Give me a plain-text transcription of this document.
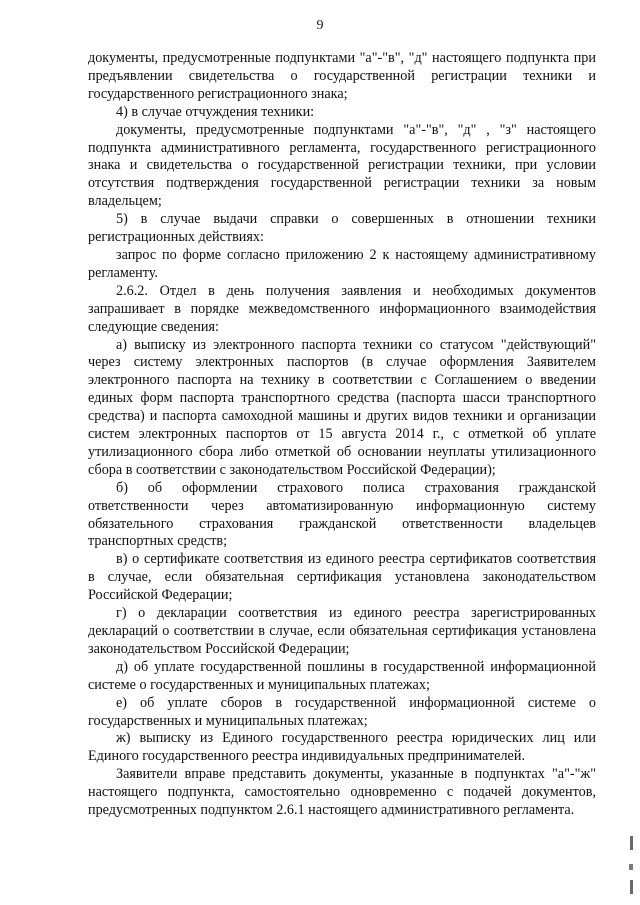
9

документы, предусмотренные подпунктами "а"-"в", "д" настоящего подпункта при предъявлении свидетельства о государственной регистрации техники и государственного регистрационного знака;

4) в случае отчуждения техники:

документы, предусмотренные подпунктами "а"-"в", "д" , "з" настоящего подпункта административного регламента, государственного регистрационного знака и свидетельства о государственной регистрации техники, при условии отсутствия подтверждения государственной регистрации техники за новым владельцем;

5) в случае выдачи справки о совершенных в отношении техники регистрационных действиях:

запрос по форме согласно приложению 2 к настоящему административному регламенту.

2.6.2. Отдел в день получения заявления и необходимых документов запрашивает в порядке межведомственного информационного взаимодействия следующие сведения:

а) выписку из электронного паспорта техники со статусом "действующий" через систему электронных паспортов (в случае оформления Заявителем электронного паспорта на технику в соответствии с Соглашением о введении единых форм паспорта транспортного средства (паспорта шасси транспортного средства) и паспорта самоходной машины и других видов техники и организации систем электронных паспортов от 15 августа 2014 г., с отметкой об уплате утилизационного сбора либо отметкой об основании неуплаты утилизационного сбора в соответствии с законодательством Российской Федерации);

б) об оформлении страхового полиса страхования гражданской ответственности через автоматизированную информационную систему обязательного страхования гражданской ответственности владельцев транспортных средств;

в) о сертификате соответствия из единого реестра сертификатов соответствия в случае, если обязательная сертификация установлена законодательством Российской Федерации;

г) о декларации соответствия из единого реестра зарегистрированных деклараций о соответствии в случае, если обязательная сертификация установлена законодательством Российской Федерации;

д) об уплате государственной пошлины в государственной информационной системе о государственных и муниципальных платежах;

е) об уплате сборов в государственной информационной системе о государственных и муниципальных платежах;

ж) выписку из Единого государственного реестра юридических лиц или Единого государственного реестра индивидуальных предпринимателей.

Заявители вправе представить документы, указанные в подпунктах "а"-"ж" настоящего подпункта, самостоятельно одновременно с подачей документов, предусмотренных подпунктом 2.6.1 настоящего административного регламента.
